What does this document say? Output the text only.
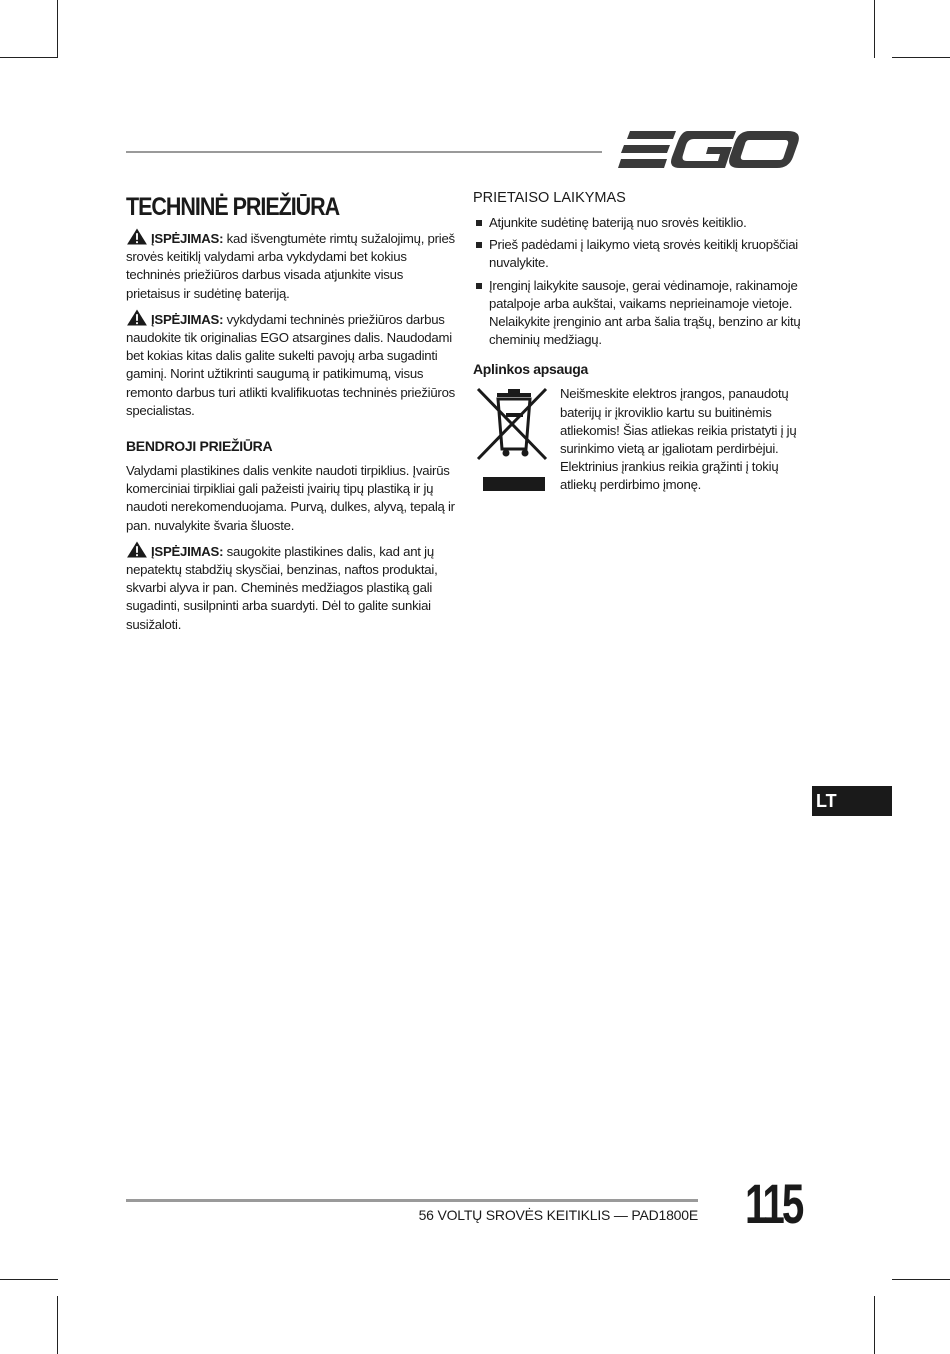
TECHNINĖ PRIEŽIŪRA

ĮSPĖJIMAS: kad išvengtumėte rimtų sužalojimų, prieš srovės keitiklį valydami arba vykdydami bet kokius techninės priežiūros darbus visada atjunkite visus prietaisus ir sudėtinę bateriją.

ĮSPĖJIMAS: vykdydami techninės priežiūros darbus naudokite tik originalias EGO atsargines dalis. Naudodami bet kokias kitas dalis galite sukelti pavojų arba sugadinti gaminį. Norint užtikrinti saugumą ir patikimumą, visus remonto darbus turi atlikti kvalifikuotas techninės priežiūros specialistas.

BENDROJI PRIEŽIŪRA

Valydami plastikines dalis venkite naudoti tirpiklius. Įvairūs komerciniai tirpikliai gali pažeisti įvairių tipų plastiką ir jų naudoti nerekomenduojama. Purvą, dulkes, alyvą, tepalą ir pan. nuvalykite švaria šluoste.

ĮSPĖJIMAS: saugokite plastikines dalis, kad ant jų nepatektų stabdžių skysčiai, benzinas, naftos produktai, skvarbi alyva ir pan. Cheminės medžiagos plastiką gali sugadinti, susilpninti arba suardyti. Dėl to galite sunkiai susižaloti.

PRIETAISO LAIKYMAS
Atjunkite sudėtinę bateriją nuo srovės keitiklio.
Prieš padėdami į laikymo vietą srovės keitiklį kruopščiai nuvalykite.
Įrenginį laikykite sausoje, gerai vėdinamoje, rakinamoje patalpoje arba aukštai, vaikams neprieinamoje vietoje. Nelaikykite įrenginio ant arba šalia trąšų, benzino ar kitų cheminių medžiagų.
Aplinkos apsauga

Neišmeskite elektros įrangos, panaudotų baterijų ir įkroviklio kartu su buitinėmis atliekomis! Šias atliekas reikia pristatyti į jų surinkimo vietą ar įgaliotam perdirbėjui. Elektrinius įrankius reikia grąžinti į tokių atliekų perdirbimo įmonę.

LT
56 VOLTŲ SROVĖS KEITIKLIS — PAD1800E 115
